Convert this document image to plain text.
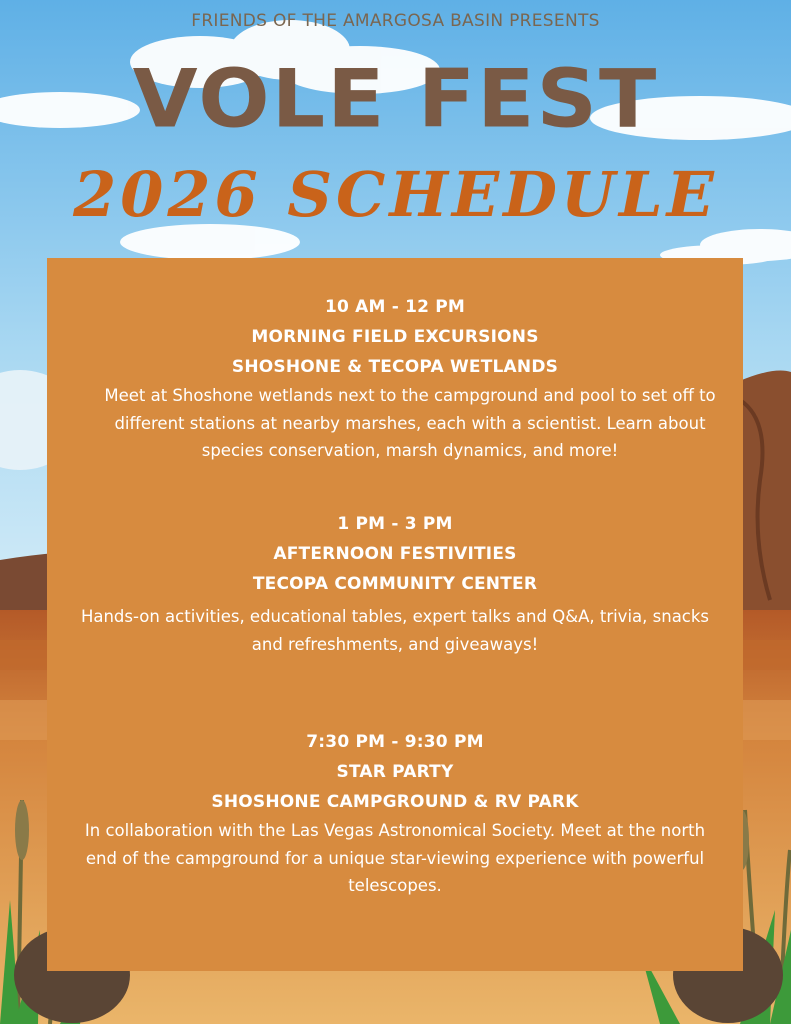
FRIENDS OF THE AMARGOSA BASIN PRESENTS
VOLE FEST
2026 SCHEDULE
10 AM - 12 PM
MORNING FIELD EXCURSIONS
SHOSHONE & TECOPA WETLANDS
Meet at Shoshone wetlands next to the campground and pool to set off to different stations at nearby marshes, each with a scientist. Learn about species conservation, marsh dynamics, and more!
1 PM - 3 PM
AFTERNOON FESTIVITIES
TECOPA COMMUNITY CENTER
Hands-on activities, educational tables, expert talks and Q&A, trivia, snacks and refreshments, and giveaways!
7:30 PM - 9:30 PM
STAR PARTY
SHOSHONE CAMPGROUND & RV PARK
In collaboration with the Las Vegas Astronomical Society. Meet at the north end of the campground for a unique star-viewing experience with powerful telescopes.
